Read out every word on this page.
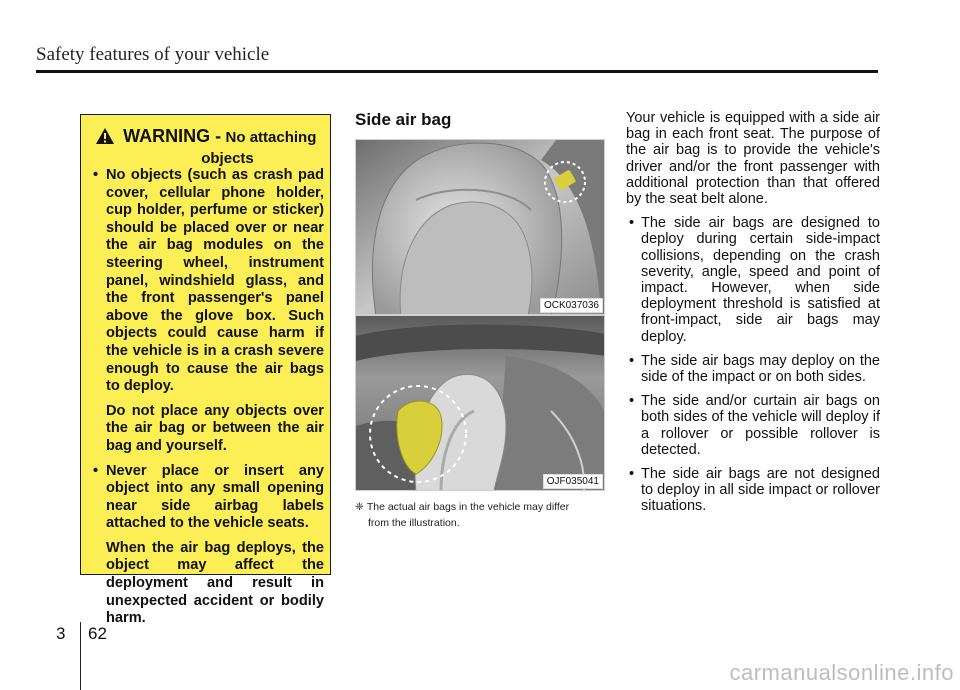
Safety features of your vehicle
WARNING - No attaching
objects
• No objects (such as crash pad cover, cellular phone holder, cup holder, perfume or sticker) should be placed over or near the air bag modules on the steering wheel, instrument panel, windshield glass, and the front passenger's panel above the glove box. Such objects could cause harm if the vehicle is in a crash severe enough to cause the air bags to deploy.
Do not place any objects over the air bag or between the air bag and yourself.
• Never place or insert any object into any small opening near side airbag labels attached to the vehicle seats.
When the air bag deploys, the object may affect the deployment and result in unexpected accident or bodily harm.
Side air bag
OCK037036
OJF035041
❈ The actual air bags in the vehicle may differ
from the illustration.
Your vehicle is equipped with a side air bag in each front seat. The purpose of the air bag is to provide the vehicle's driver and/or the front passenger with additional protection than that offered by the seat belt alone.
• The side air bags are designed to deploy during certain side-impact collisions, depending on the crash severity, angle, speed and point of impact. However, when side deployment threshold is satisfied at front-impact, side air bags may deploy.
• The side air bags may deploy on the side of the impact or on both sides.
• The side and/or curtain air bags on both sides of the vehicle will deploy if a rollover or possible rollover is detected.
• The side air bags are not designed to deploy in all side impact or rollover situations.
3 62
carmanualsonline.info
